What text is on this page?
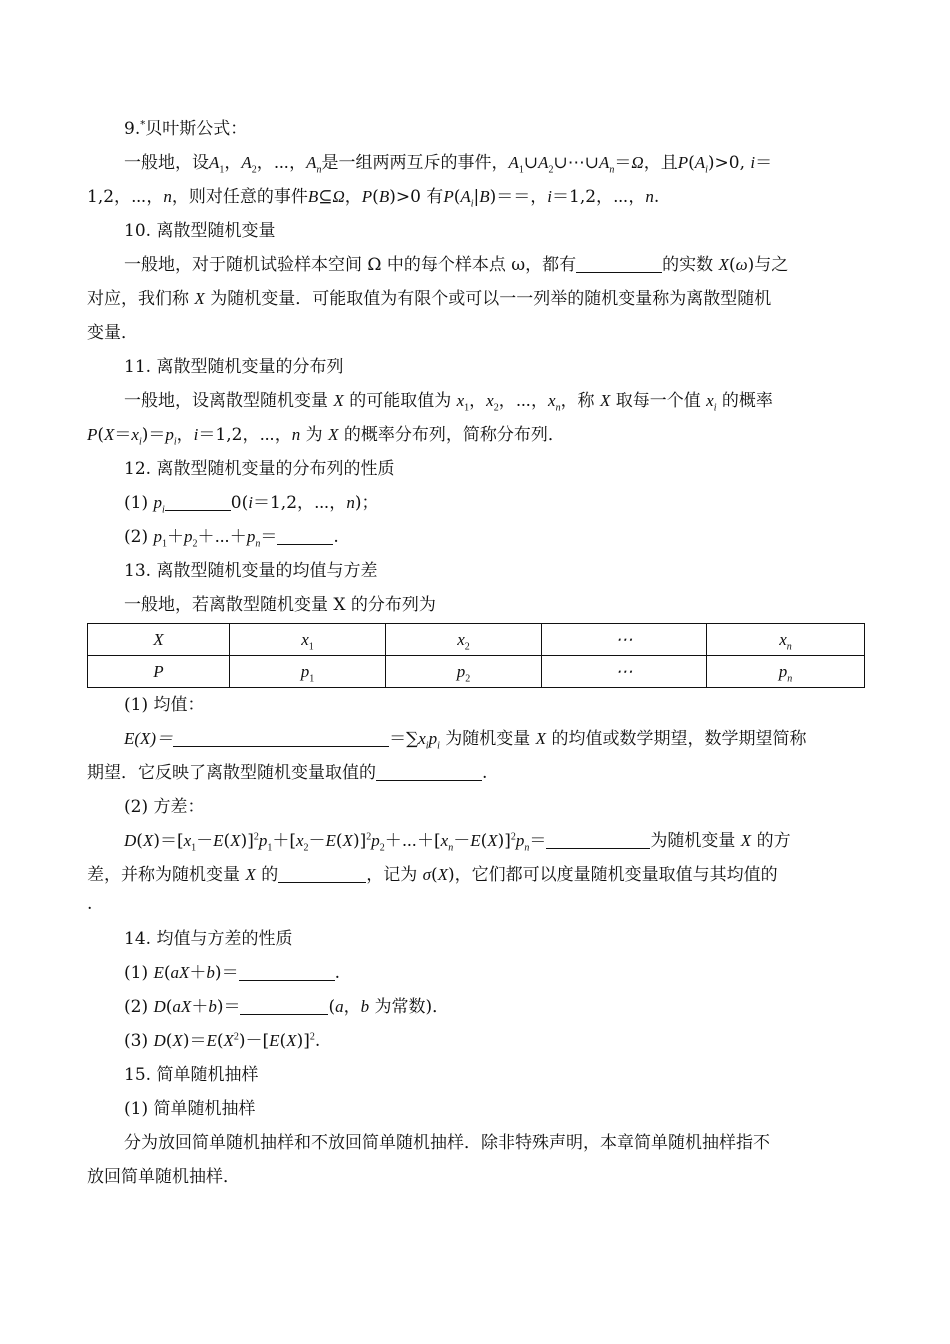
9.*贝叶斯公式：
一般地，设$A_1$，$A_2$，⋯，$A_n$是一组两两互斥的事件，$A_1\cup A_2\cup\cdots\cup A_n=\Omega$，且$P(A_i)>0$, i＝
1,2，⋯，n，则对任意的事件B⊆Ω，P(B)>0 有$P(A_i|B)==$，i＝1,2，⋯，n.
10. 离散型随机变量
一般地，对于随机试验样本空间 Ω 中的每个样本点 ω，都有	的实数 X(ω)与之
对应，我们称 X 为随机变量．可能取值为有限个或可以一一列举的随机变量称为离散型随机
变量．
11. 离散型随机变量的分布列
一般地，设离散型随机变量 X 的可能取值为 $x_1$，$x_2$，⋯，$x_n$，称 X 取每一个值 $x_i$ 的概率
$P(X=x_i)=p_i$，i＝1,2，⋯，n 为 X 的概率分布列，简称分布列．
12. 离散型随机变量的分布列的性质
(1) $p_i$	0(i＝1,2，⋯，n)；
(2) $p_1+p_2+\cdots+p_n=$	.
13. 离散型随机变量的均值与方差
一般地，若离散型随机变量 X 的分布列为
X	$x_1$	$x_2$	⋯	$x_n$
P	$p_1$	$p_2$	⋯	$p_n$
(1) 均值：
E(X)＝	$=\sum x_ip_i$ 为随机变量 X 的均值或数学期望，数学期望简称
期望．它反映了离散型随机变量取值的	.
(2) 方差：
$D(X)=[x_1-E(X)]^2p_1+[x_2-E(X)]^2p_2+\cdots+[x_n-E(X)]^2p_n=$	为随机变量 X 的方
差，并称为随机变量 X 的	，记为 σ(X)，它们都可以度量随机变量取值与其均值的
.
14. 均值与方差的性质
(1) E(aX＋b)＝	.
(2) D(aX＋b)＝	(a，b 为常数)．
(3) $D(X)=E(X^2)-[E(X)]^2$.
15. 简单随机抽样
(1) 简单随机抽样
分为放回简单随机抽样和不放回简单随机抽样．除非特殊声明，本章简单随机抽样指不
放回简单随机抽样．
